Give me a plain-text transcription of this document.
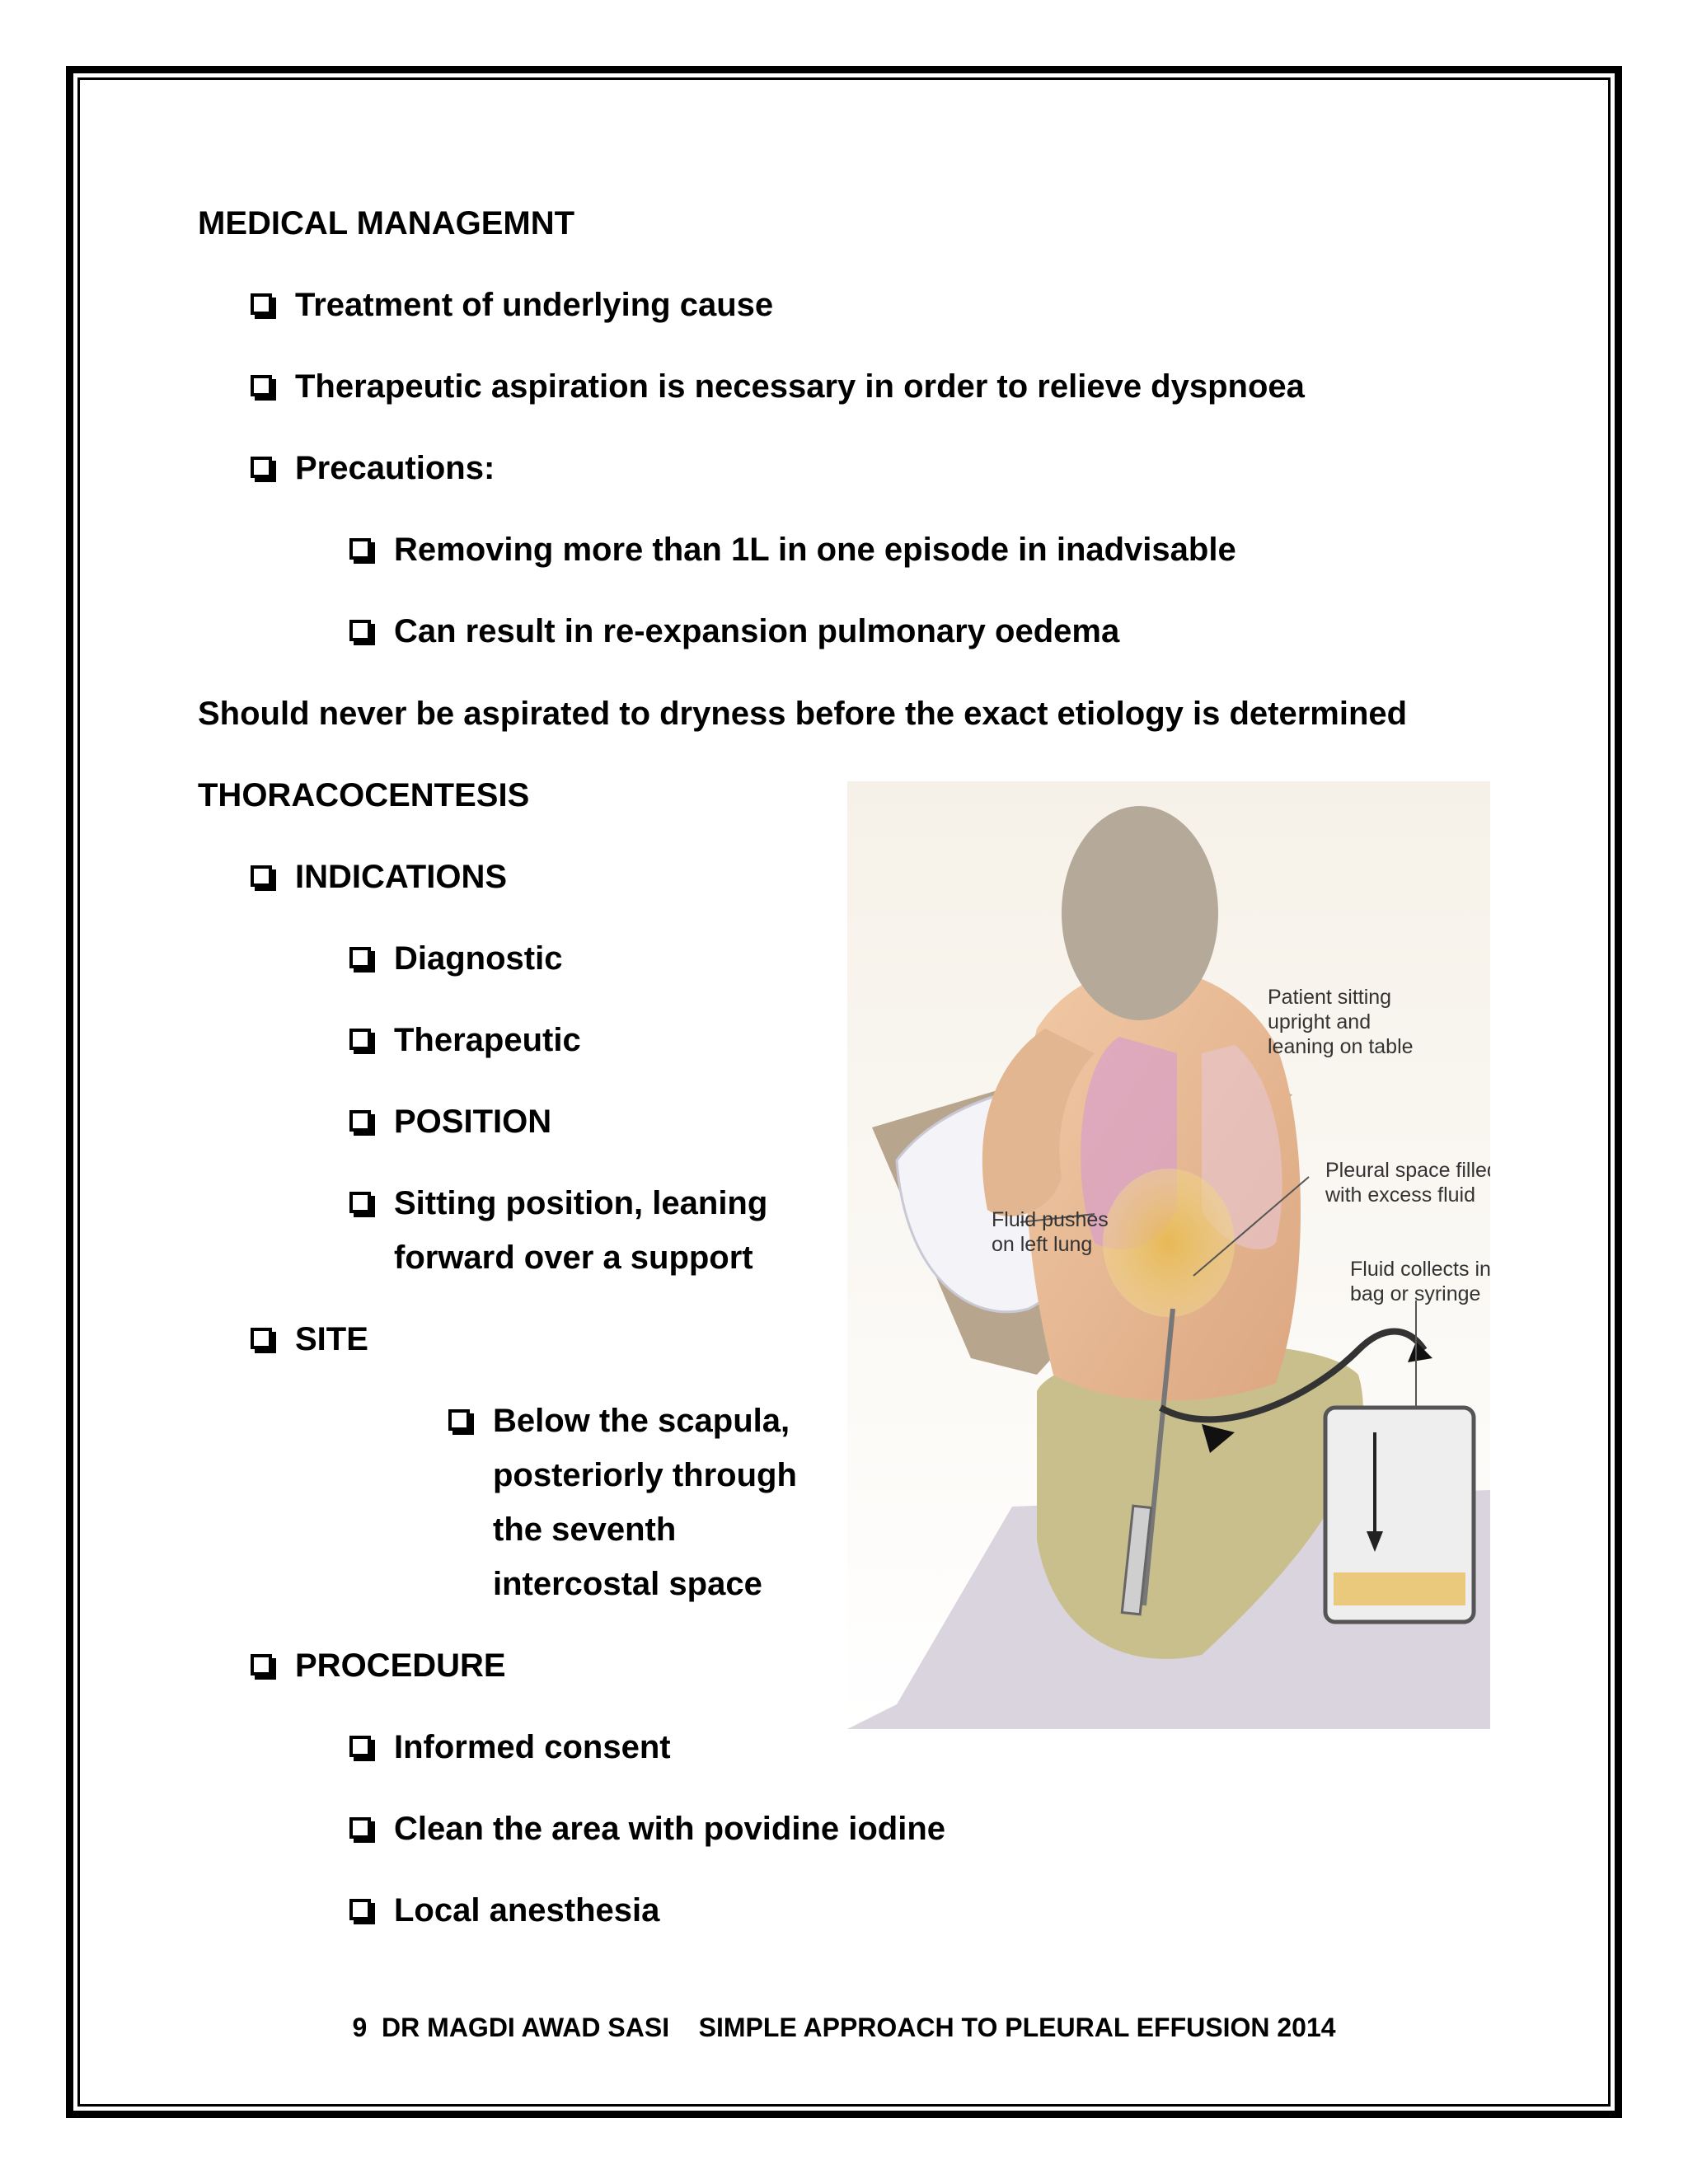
MEDICAL MANAGEMNT
Treatment of underlying cause
Therapeutic aspiration is necessary in order to relieve dyspnoea
Precautions:
Removing more than 1L in one episode in inadvisable
Can result in re-expansion pulmonary oedema
Should never be aspirated to dryness before the exact etiology is determined
THORACOCENTESIS
INDICATIONS
Diagnostic
Therapeutic
POSITION
Sitting position, leaning
forward over a support
SITE
Below the scapula,
posteriorly through
the seventh
intercostal space
PROCEDURE
Informed consent
Clean the area with povidine iodine
Local anesthesia
Patient sitting
upright and
leaning on table
Pleural space filled
with excess fluid
Fluid pushes
on left lung
Fluid collects in
bag or syringe
9 DR MAGDI AWAD SASI    SIMPLE APPROACH TO PLEURAL EFFUSION 2014
